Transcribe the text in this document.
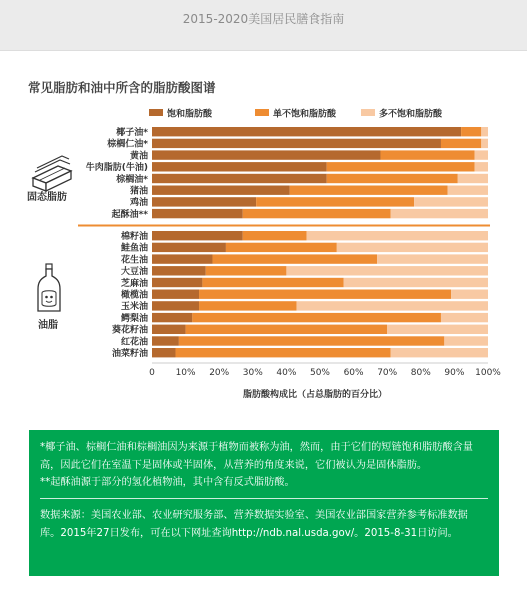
2015-2020美国居民膳食指南
常见脂肪和油中所含的脂肪酸图谱
饱和脂肪酸	单不饱和脂肪酸	多不饱和脂肪酸
椰子油*
棕榈仁油*
黄油
牛肉脂肪(牛油)
棕榈油*
猪油
鸡油
起酥油**
棉籽油
鲑鱼油
花生油
大豆油
芝麻油
橄榄油
玉米油
鳄梨油
葵花籽油
红花油
油菜籽油
固态脂肪
油脂
0 10% 20% 30% 40% 50% 60% 70% 80% 90% 100%
脂肪酸构成比（占总脂肪的百分比）

*椰子油、棕榈仁油和棕榈油因为来源于植物而被称为油，然而，由于它们的短链饱和脂肪酸含量高，因此它们在室温下是固体或半固体，从营养的角度来说，它们被认为是固体脂肪。

**起酥油源于部分的氢化植物油，其中含有反式脂肪酸。

数据来源：美国农业部、农业研究服务部、营养数据实验室、美国农业部国家营养参考标准数据库。2015年27日发布，可在以下网址查询http://ndb.nal.usda.gov/。2015-8-31日访问。
